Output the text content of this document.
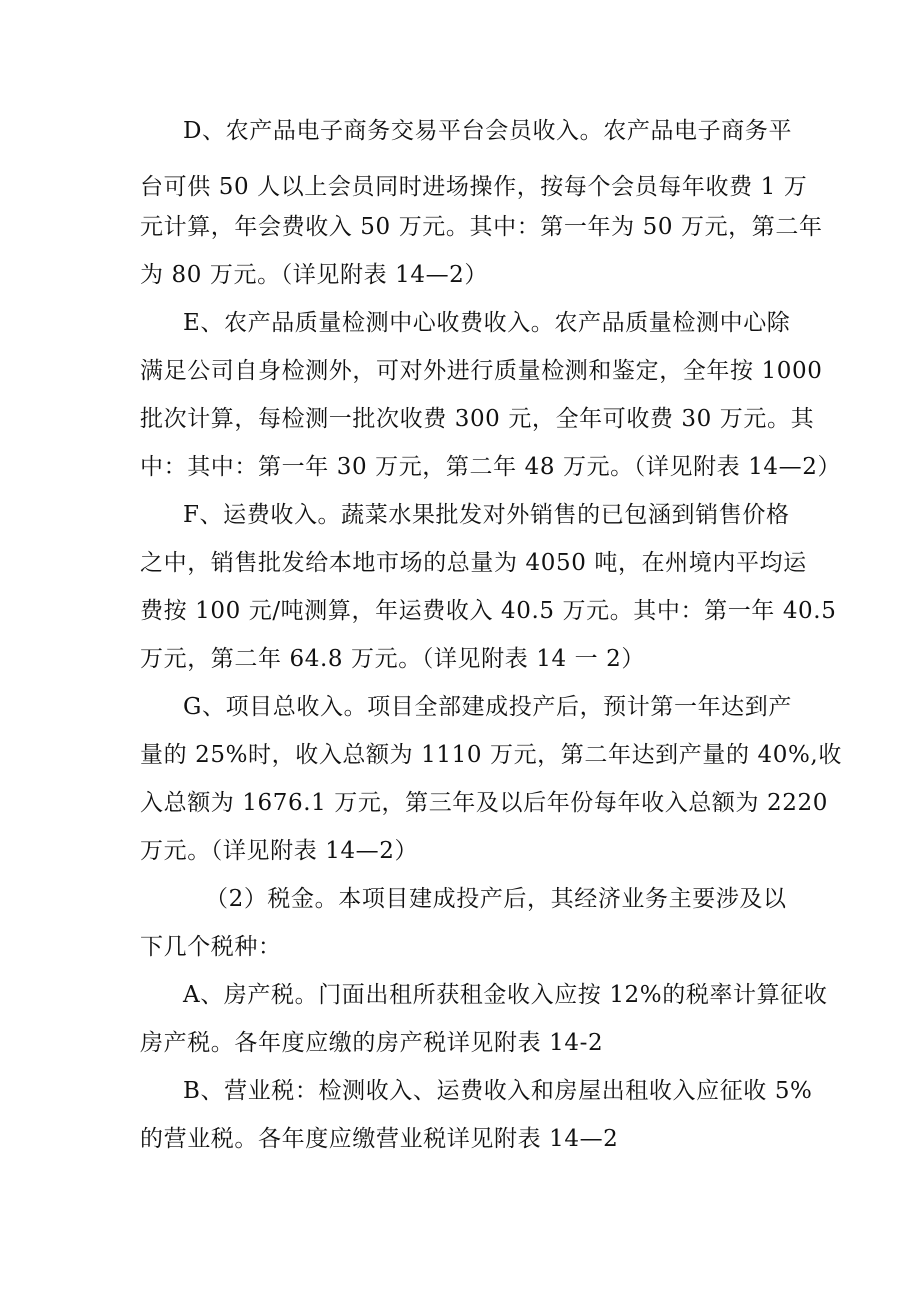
D、农产品电子商务交易平台会员收入。农产品电子商务平
台可供 50 人以上会员同时进场操作，按每个会员每年收费 1 万
元计算，年会费收入 50 万元。其中：第一年为 50 万元，第二年
为 80 万元。（详见附表 14—2）
E、农产品质量检测中心收费收入。农产品质量检测中心除
满足公司自身检测外，可对外进行质量检测和鉴定，全年按 1000
批次计算，每检测一批次收费 300 元，全年可收费 30 万元。其
中：其中：第一年 30 万元，第二年 48 万元。（详见附表 14—2）
F、运费收入。蔬菜水果批发对外销售的已包涵到销售价格
之中，销售批发给本地市场的总量为 4050 吨，在州境内平均运
费按 100 元/吨测算，年运费收入 40.5 万元。其中：第一年 40.5
万元，第二年 64.8 万元。（详见附表 14 一 2）
G、项目总收入。项目全部建成投产后，预计第一年达到产
量的 25%时，收入总额为 1110 万元，第二年达到产量的 40%,收
入总额为 1676.1 万元，第三年及以后年份每年收入总额为 2220
万元。（详见附表 14—2）
（2）税金。本项目建成投产后，其经济业务主要涉及以
下几个税种：
A、房产税。门面出租所获租金收入应按 12%的税率计算征收
房产税。各年度应缴的房产税详见附表 14-2
B、营业税：检测收入、运费收入和房屋出租收入应征收 5%
的营业税。各年度应缴营业税详见附表 14—2
